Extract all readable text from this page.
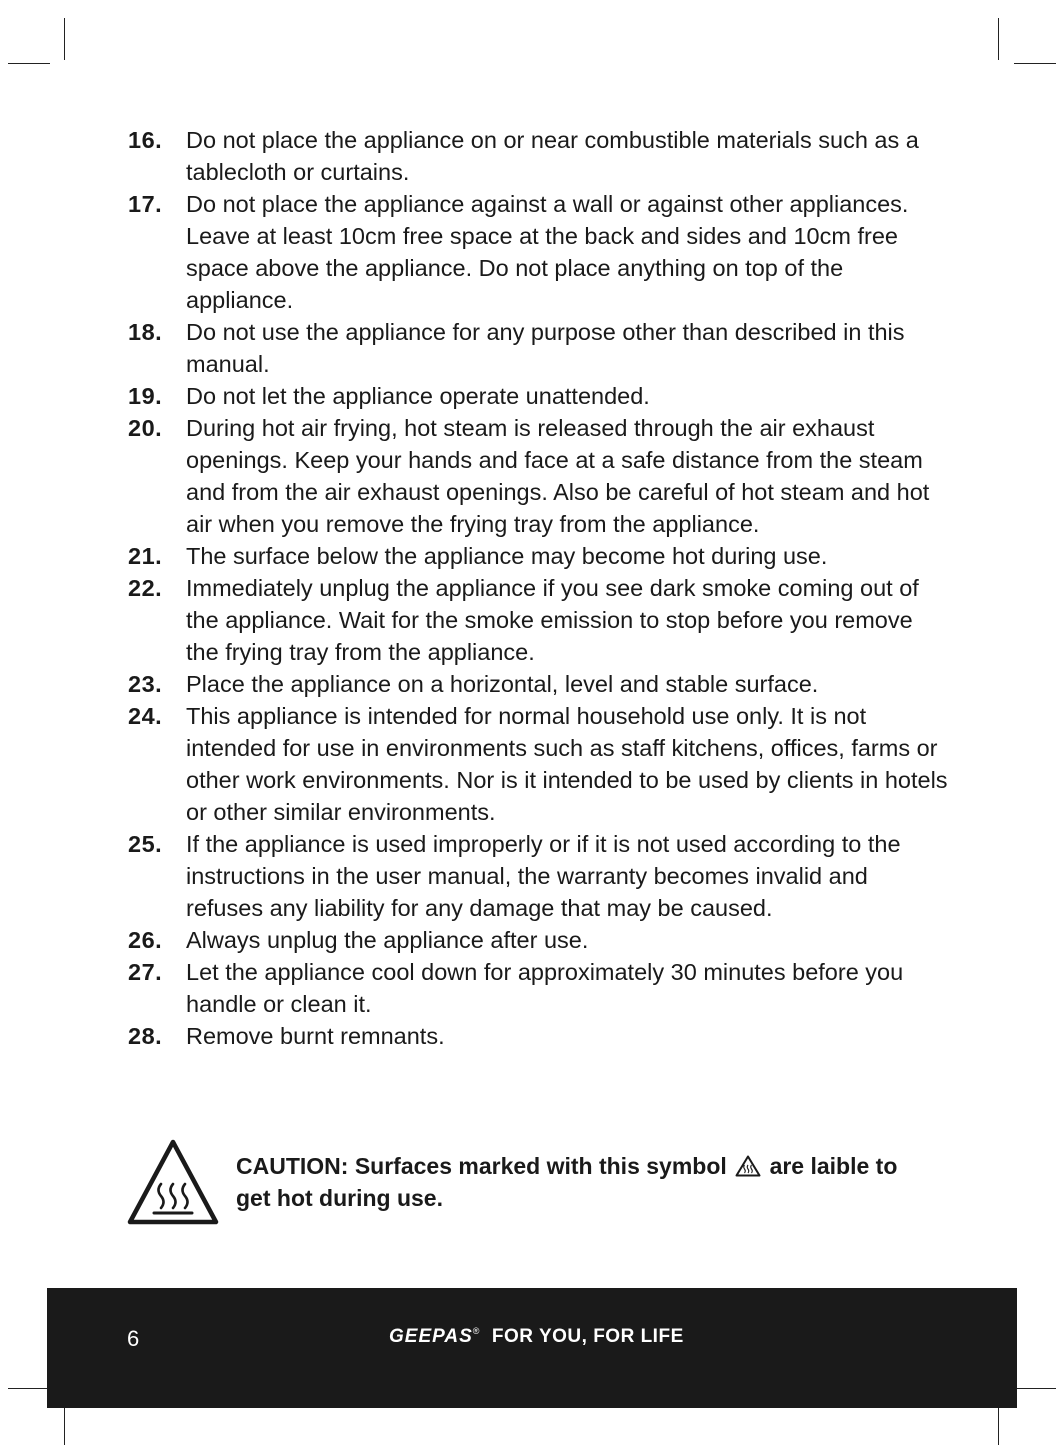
16.	Do not place the appliance on or near combustible materials such as a tablecloth or curtains.
17.	Do not place the appliance against a wall or against other appliances. Leave at least 10cm free space at the back and sides and 10cm free space above the appliance. Do not place anything on top of the appliance.
18.	Do not use the appliance for any purpose other than described in this manual.
19.	Do not let the appliance operate unattended.
20.	During hot air frying, hot steam is released through the air exhaust openings. Keep your hands and face at a safe distance from the steam and from the air exhaust openings. Also be careful of hot steam and hot air when you remove the frying tray from the appliance.
21.	The surface below the appliance may become hot during use.
22.	Immediately unplug the appliance if you see dark smoke coming out of the appliance. Wait for the smoke emission to stop before you remove the frying tray from the appliance.
23.	Place the appliance on a horizontal, level and stable surface.
24.	This appliance is intended for normal household use only. It is not intended for use in environments such as staff kitchens, offices, farms or other work environments. Nor is it intended to be used by clients in hotels or other similar environments.
25.	If the appliance is used improperly or if it is not used according to the instructions in the user manual, the warranty becomes invalid and refuses any liability for any damage that may be caused.
26.	Always unplug the appliance after use.
27.	Let the appliance cool down for approximately 30 minutes before you handle or clean it.
28.	Remove burnt remnants.
CAUTION: Surfaces marked with this symbol are laible to get hot during use.
6	GEEPAS® FOR YOU, FOR LIFE
